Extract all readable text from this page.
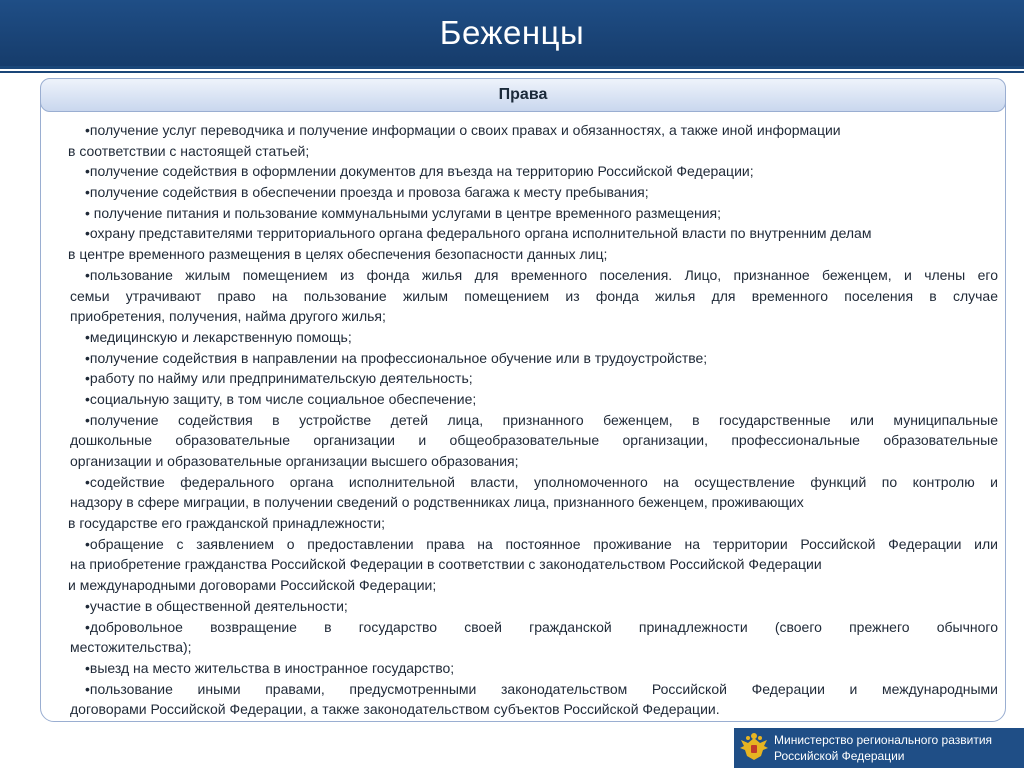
Беженцы
Права
•получение услуг переводчика и получение информации о своих правах и обязанностях, а также иной информации
в соответствии с настоящей статьей;
•получение содействия в оформлении документов для въезда на территорию Российской Федерации;
•получение содействия в обеспечении проезда и провоза багажа к месту пребывания;
• получение питания и пользование коммунальными услугами в центре временного размещения;
•охрану представителями территориального органа федерального органа исполнительной власти по внутренним делам
в центре временного размещения в целях обеспечения безопасности данных лиц;
•пользование жилым помещением из фонда жилья для временного поселения. Лицо, признанное беженцем, и члены его
семьи утрачивают право на пользование жилым помещением из фонда жилья для временного поселения в случае
приобретения, получения, найма другого жилья;
•медицинскую и лекарственную помощь;
•получение содействия в направлении на профессиональное обучение или в трудоустройстве;
•работу по найму или предпринимательскую деятельность;
•социальную защиту, в том числе социальное обеспечение;
•получение содействия в устройстве детей лица, признанного беженцем, в государственные или муниципальные
дошкольные образовательные организации и общеобразовательные организации, профессиональные образовательные
организации и образовательные организации высшего образования;
•содействие федерального органа исполнительной власти, уполномоченного на осуществление функций по контролю и
надзору в сфере миграции, в получении сведений о родственниках лица, признанного беженцем, проживающих
в государстве его гражданской принадлежности;
•обращение с заявлением о предоставлении права на постоянное проживание на территории Российской Федерации или
на приобретение гражданства Российской Федерации в соответствии с законодательством Российской Федерации
и международными договорами Российской Федерации;
•участие в общественной деятельности;
•добровольное возвращение в государство своей гражданской принадлежности (своего прежнего обычного
местожительства);
•выезд на место жительства в иностранное государство;
•пользование иными правами, предусмотренными законодательством Российской Федерации и международными
договорами Российской Федерации, а также законодательством субъектов Российской Федерации.
Министерство регионального развития
Российской Федерации
